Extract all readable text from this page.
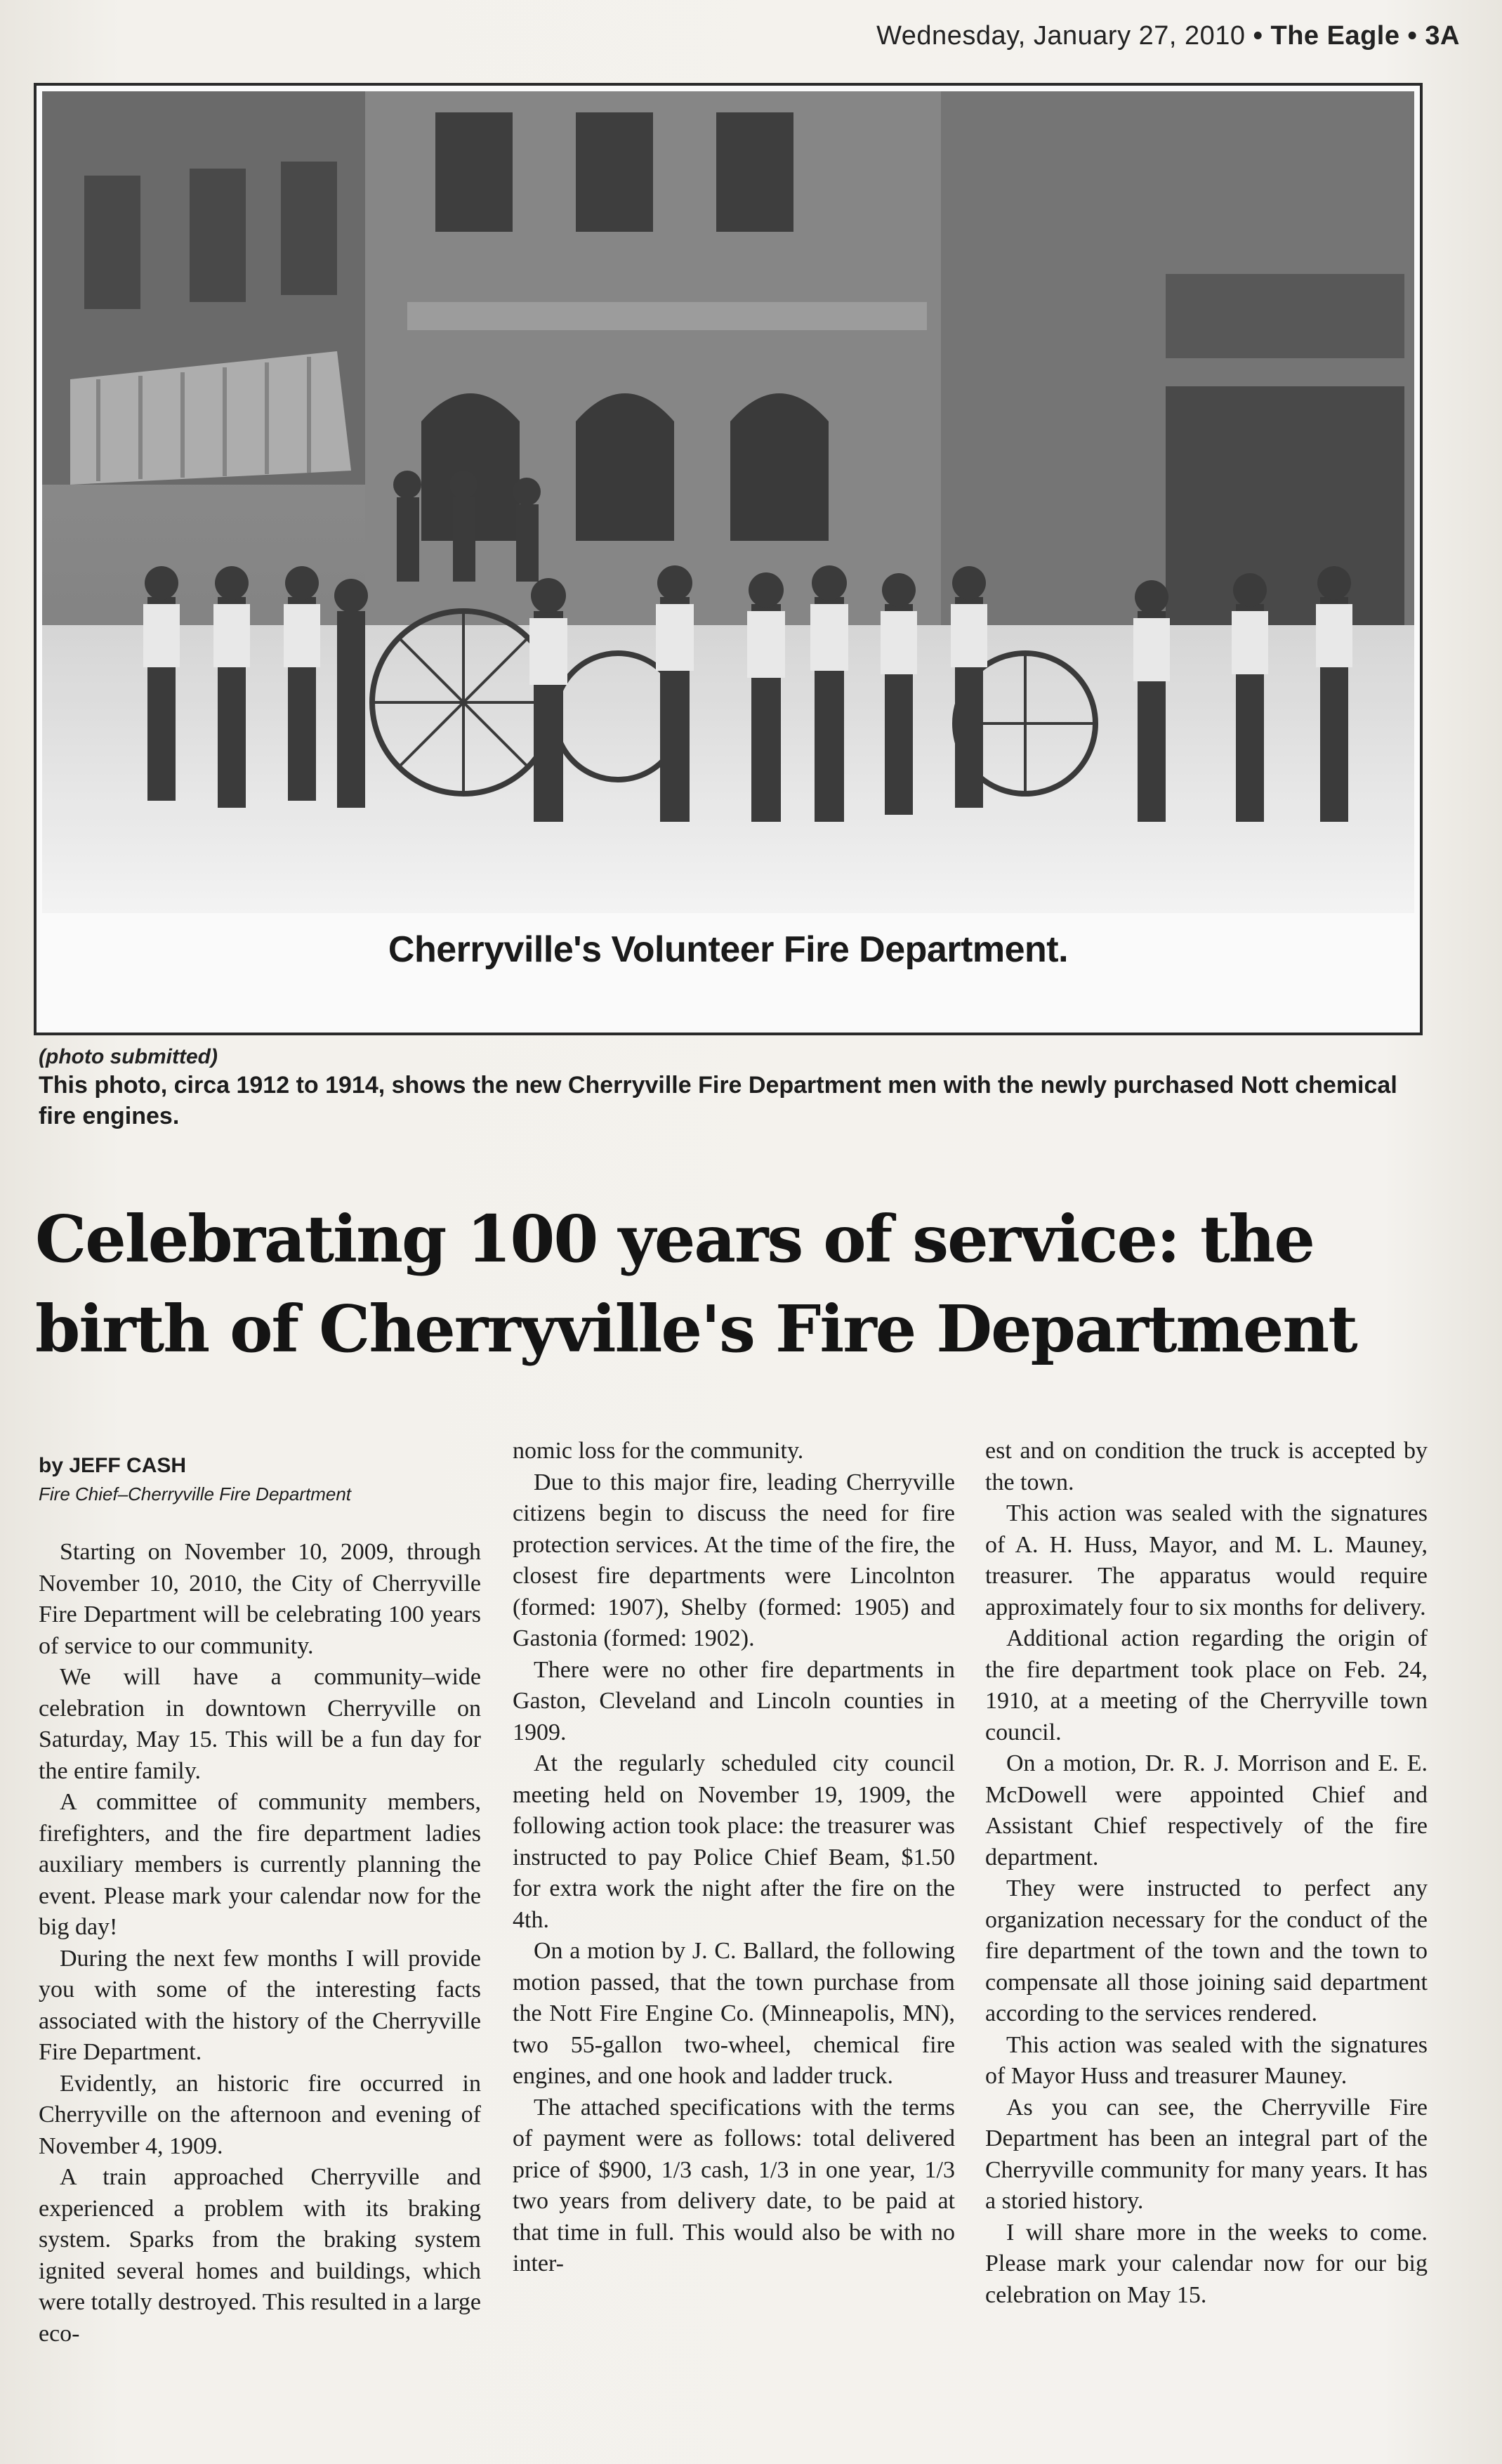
Wednesday, January 27, 2010 • The Eagle • 3A
Cherryville's Volunteer Fire Department.
(photo submitted)
This photo, circa 1912 to 1914, shows the new Cherryville Fire Department men with the newly purchased Nott chemical fire engines.
Celebrating 100 years of service: the
birth of Cherryville's Fire Department
by JEFF CASH
Fire Chief–Cherryville Fire Department

Starting on November 10, 2009, through November 10, 2010, the City of Cherryville Fire Department will be celebrating 100 years of service to our community.

We will have a community–wide celebration in downtown Cherryville on Saturday, May 15. This will be a fun day for the entire family.

A committee of community members, firefighters, and the fire department ladies auxiliary members is currently planning the event. Please mark your calendar now for the big day!

During the next few months I will provide you with some of the interesting facts associated with the history of the Cherryville Fire Department.

Evidently, an historic fire occurred in Cherryville on the afternoon and evening of November 4, 1909.

A train approached Cherryville and experienced a problem with its braking system. Sparks from the braking system ignited several homes and buildings, which were totally destroyed. This resulted in a large eco-

nomic loss for the community.

Due to this major fire, leading Cherryville citizens begin to discuss the need for fire protection services. At the time of the fire, the closest fire departments were Lincolnton (formed: 1907), Shelby (formed: 1905) and Gastonia (formed: 1902).

There were no other fire departments in Gaston, Cleveland and Lincoln counties in 1909.

At the regularly scheduled city council meeting held on November 19, 1909, the following action took place: the treasurer was instructed to pay Police Chief Beam, $1.50 for extra work the night after the fire on the 4th.

On a motion by J. C. Ballard, the following motion passed, that the town purchase from the Nott Fire Engine Co. (Minneapolis, MN), two 55-gallon two-wheel, chemical fire engines, and one hook and ladder truck.

The attached specifications with the terms of payment were as follows: total delivered price of $900, 1/3 cash, 1/3 in one year, 1/3 two years from delivery date, to be paid at that time in full. This would also be with no inter-

est and on condition the truck is accepted by the town.

This action was sealed with the signatures of A. H. Huss, Mayor, and M. L. Mauney, treasurer. The apparatus would require approximately four to six months for delivery.

Additional action regarding the origin of the fire department took place on Feb. 24, 1910, at a meeting of the Cherryville town council.

On a motion, Dr. R. J. Morrison and E. E. McDowell were appointed Chief and Assistant Chief respectively of the fire department.

They were instructed to perfect any organization necessary for the conduct of the fire department of the town and the town to compensate all those joining said department according to the services rendered.

This action was sealed with the signatures of Mayor Huss and treasurer Mauney.

As you can see, the Cherryville Fire Department has been an integral part of the Cherryville community for many years. It has a storied history.

I will share more in the weeks to come. Please mark your calendar now for our big celebration on May 15.
